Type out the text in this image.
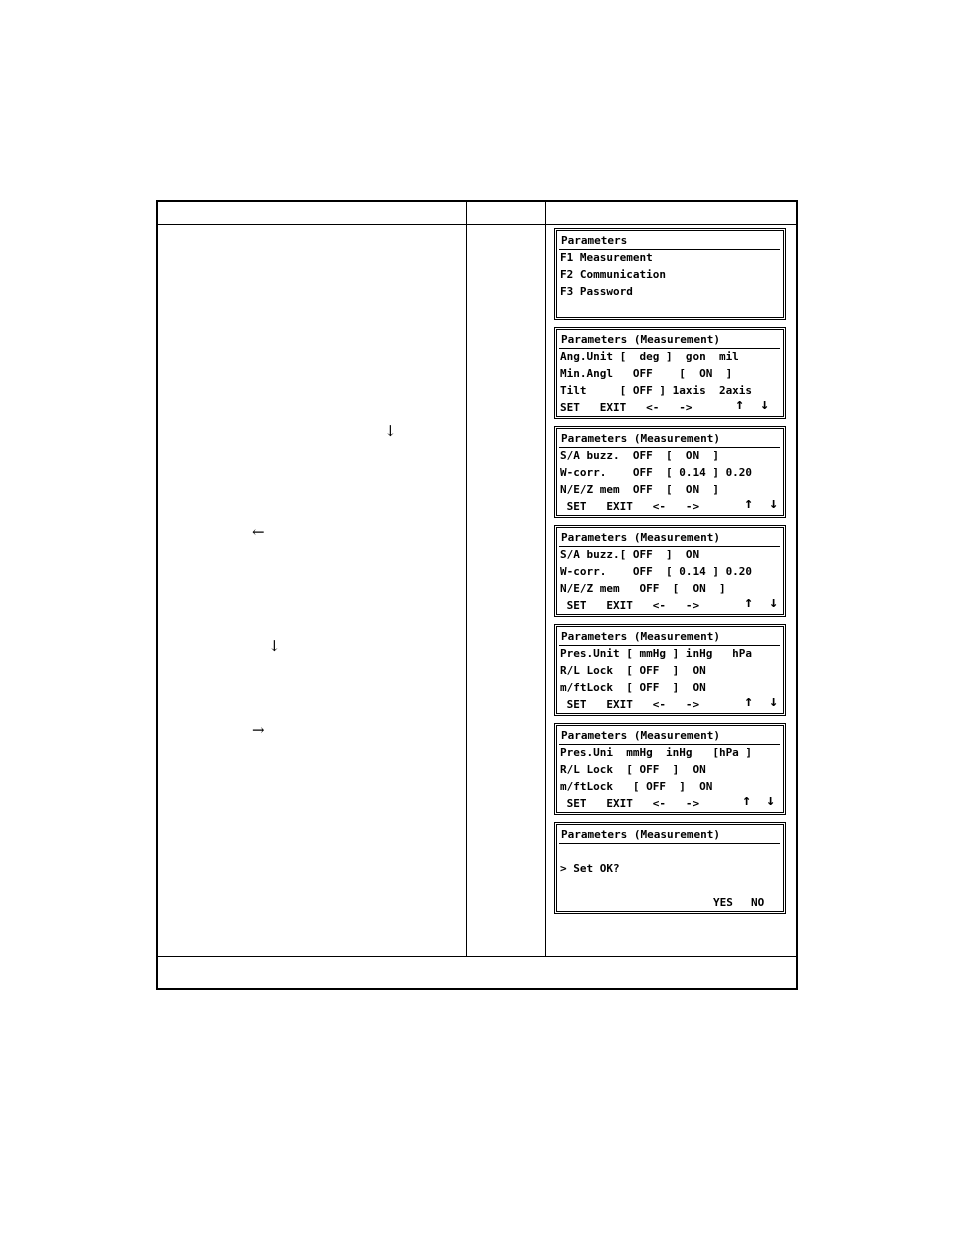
↓
←
↓
→
Parameters
F1 Measurement
F2 Communication
F3 Password
Parameters (Measurement)
Ang.Unit [  deg ]  gon  mil
Min.Angl   OFF    [  ON  ]
Tilt     [ OFF ] 1axis  2axis
SET   EXIT   <-   ->	↑ ↓
Parameters (Measurement)
S/A buzz.  OFF  [  ON  ]
W-corr.    OFF  [ 0.14 ] 0.20
N/E/Z mem  OFF  [  ON  ]
SET   EXIT   <-   ->	↑ ↓
Parameters (Measurement)
S/A buzz.[ OFF  ]  ON
W-corr.    OFF  [ 0.14 ] 0.20
N/E/Z mem   OFF  [  ON  ]
SET   EXIT   <-   ->	↑ ↓
Parameters (Measurement)
Pres.Unit [ mmHg ] inHg   hPa
R/L Lock  [ OFF  ]  ON
m/ftLock  [ OFF  ]  ON
SET   EXIT   <-   ->	↑ ↓
Parameters (Measurement)
Pres.Uni  mmHg  inHg   [hPa ]
R/L Lock  [ OFF  ]  ON
m/ftLock   [ OFF  ]  ON
SET   EXIT   <-   ->	↑ ↓
Parameters (Measurement)
> Set OK?
YES NO
